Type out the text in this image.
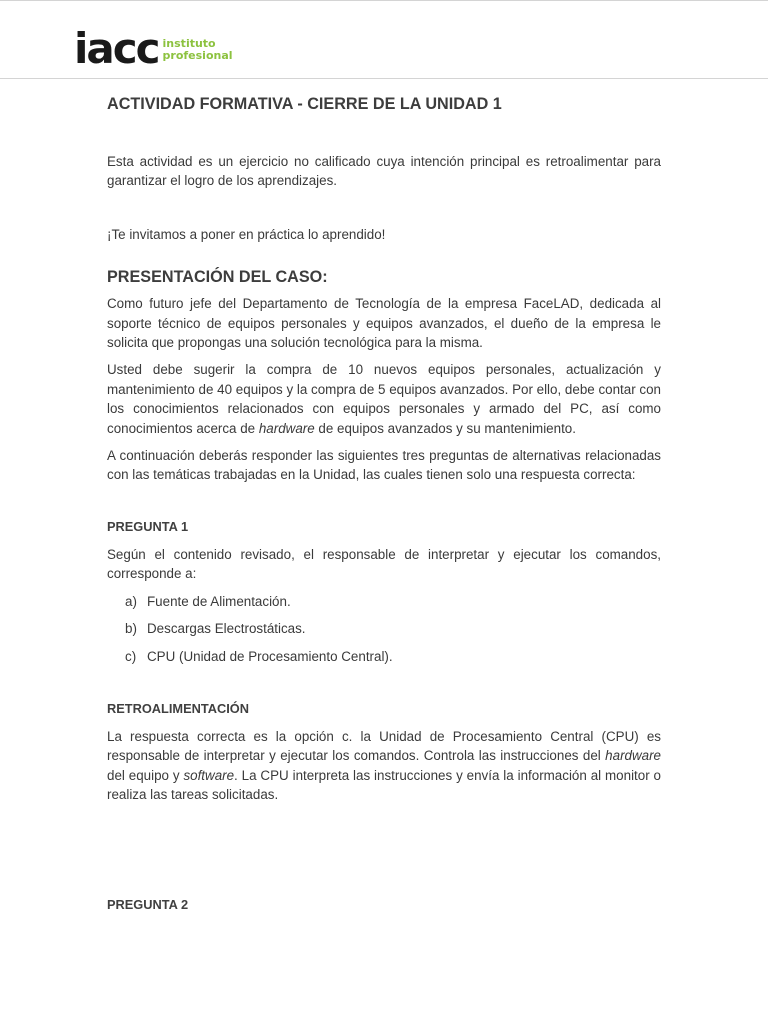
iacc instituto
profesional

ACTIVIDAD FORMATIVA - CIERRE DE LA UNIDAD 1

Esta actividad es un ejercicio no calificado cuya intención principal es retroalimentar para garantizar el logro de los aprendizajes.

¡Te invitamos a poner en práctica lo aprendido!

PRESENTACIÓN DEL CASO:

Como futuro jefe del Departamento de Tecnología de la empresa FaceLAD, dedicada al soporte técnico de equipos personales y equipos avanzados, el dueño de la empresa le solicita que propongas una solución tecnológica para la misma.

Usted debe sugerir la compra de 10 nuevos equipos personales, actualización y mantenimiento de 40 equipos y la compra de 5 equipos avanzados. Por ello, debe contar con los conocimientos relacionados con equipos personales y armado del PC, así como conocimientos acerca de hardware de equipos avanzados y su mantenimiento.

A continuación deberás responder las siguientes tres preguntas de alternativas relacionadas con las temáticas trabajadas en la Unidad, las cuales tienen solo una respuesta correcta:

PREGUNTA 1

Según el contenido revisado, el responsable de interpretar y ejecutar los comandos, corresponde a:

a) Fuente de Alimentación.

b) Descargas Electrostáticas.

c) CPU (Unidad de Procesamiento Central).

RETROALIMENTACIÓN

La respuesta correcta es la opción c. la Unidad de Procesamiento Central (CPU) es responsable de interpretar y ejecutar los comandos. Controla las instrucciones del hardware del equipo y software. La CPU interpreta las instrucciones y envía la información al monitor o realiza las tareas solicitadas.

PREGUNTA 2
